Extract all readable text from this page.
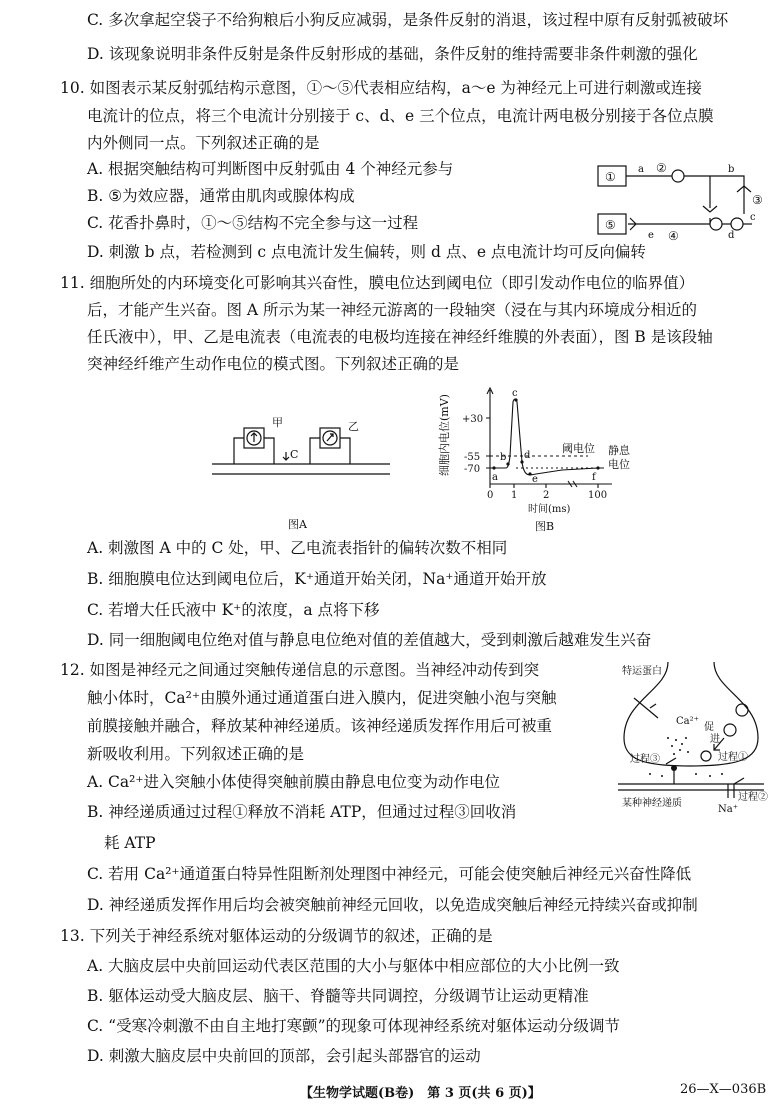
C. 多次拿起空袋子不给狗粮后小狗反应减弱，是条件反射的消退，该过程中原有反射弧被破坏
D. 该现象说明非条件反射是条件反射形成的基础，条件反射的维持需要非条件刺激的强化
10. 如图表示某反射弧结构示意图，①～⑤代表相应结构，a～e 为神经元上可进行刺激或连接
电流计的位点，将三个电流计分别接于 c、d、e 三个位点，电流计两电极分别接于各位点膜
内外侧同一点。下列叙述正确的是
A. 根据突触结构可判断图中反射弧由 4 个神经元参与
B. ⑤为效应器，通常由肌肉或腺体构成
C. 花香扑鼻时，①～⑤结构不完全参与这一过程
D. 刺激 b 点，若检测到 c 点电流计发生偏转，则 d 点、e 点电流计均可反向偏转
11. 细胞所处的内环境变化可影响其兴奋性，膜电位达到阈电位（即引发动作电位的临界值）
后，才能产生兴奋。图 A 所示为某一神经元游离的一段轴突（浸在与其内环境成分相近的
任氏液中），甲、乙是电流表（电流表的电极均连接在神经纤维膜的外表面），图 B 是该段轴
突神经纤维产生动作电位的模式图。下列叙述正确的是
A. 刺激图 A 中的 C 处，甲、乙电流表指针的偏转次数不相同
B. 细胞膜电位达到阈电位后，K⁺通道开始关闭，Na⁺通道开始开放
C. 若增大任氏液中 K⁺的浓度，a 点将下移
D. 同一细胞阈电位绝对值与静息电位绝对值的差值越大，受到刺激后越难发生兴奋
12. 如图是神经元之间通过突触传递信息的示意图。当神经冲动传到突
触小体时，Ca²⁺由膜外通过通道蛋白进入膜内，促进突触小泡与突触
前膜接触并融合，释放某种神经递质。该神经递质发挥作用后可被重
新吸收利用。下列叙述正确的是
A. Ca²⁺进入突触小体使得突触前膜由静息电位变为动作电位
B. 神经递质通过过程①释放不消耗 ATP，但通过过程③回收消
耗 ATP
C. 若用 Ca²⁺通道蛋白特异性阻断剂处理图中神经元，可能会使突触后神经元兴奋性降低
D. 神经递质发挥作用后均会被突触前神经元回收，以免造成突触后神经元持续兴奋或抑制
13. 下列关于神经系统对躯体运动的分级调节的叙述，正确的是
A. 大脑皮层中央前回运动代表区范围的大小与躯体中相应部位的大小比例一致
B. 躯体运动受大脑皮层、脑干、脊髓等共同调控，分级调节让运动更精准
C. “受寒冷刺激不由自主地打寒颤”的现象可体现神经系统对躯体运动分级调节
D. 刺激大脑皮层中央前回的顶部，会引起头部器官的运动
①
⑤
②
③
④
a	b
c
d
e
甲	乙
C
图A
细胞内电位(mV) +30
-55
-70
0 1	2	100
时间(ms)
图B
阈电位 静息
电位
a
b
c
d
e	f
特运蛋白
Ca²⁺
促
进
过程③	过程①
过程②
Na⁺
某种神经递质
【生物学试题(B卷)　第 3 页(共 6 页)】	26—X—036B
